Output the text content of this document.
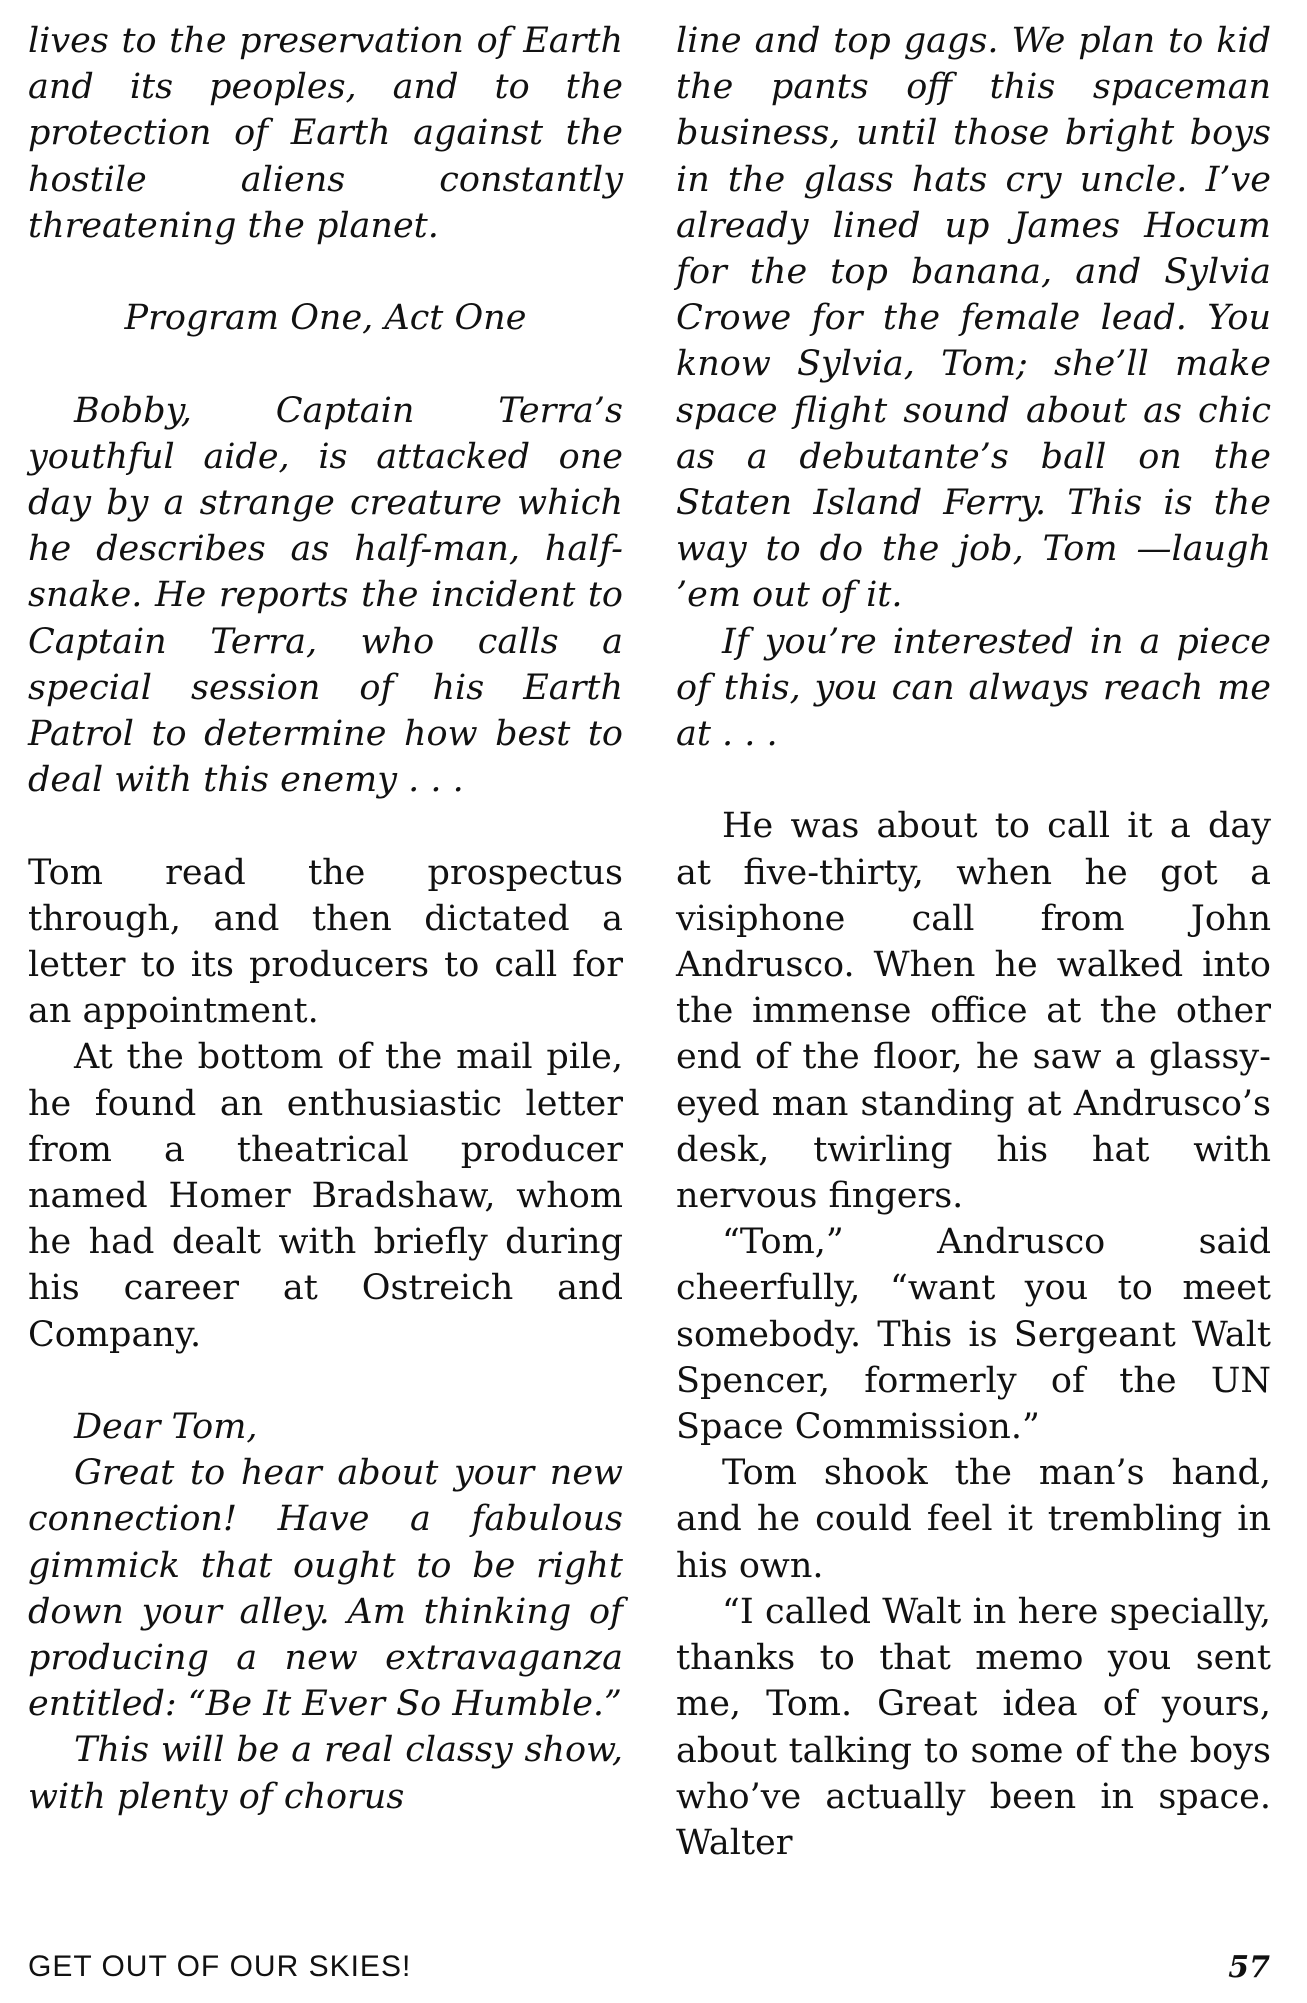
lives to the preservation of Earth and its peoples, and to the protection of Earth against the hostile aliens constantly threatening the planet.

Program One, Act One

Bobby, Captain Terra’s youthful aide, is attacked one day by a strange creature which he describes as half-man, half-snake. He reports the incident to Captain Terra, who calls a special session of his Earth Patrol to determine how best to deal with this enemy . . .

Tom read the prospectus through, and then dictated a letter to its producers to call for an appointment.

At the bottom of the mail pile, he found an enthusiastic letter from a theatrical producer named Homer Bradshaw, whom he had dealt with briefly during his career at Ostreich and Company.

Dear Tom,

Great to hear about your new connection! Have a fabulous gimmick that ought to be right down your alley. Am thinking of producing a new extravaganza entitled: “Be It Ever So Humble.”

This will be a real classy show, with plenty of chorus

line and top gags. We plan to kid the pants off this spaceman business, until those bright boys in the glass hats cry uncle. I’ve already lined up James Hocum for the top banana, and Sylvia Crowe for the female lead. You know Sylvia, Tom; she’ll make space flight sound about as chic as a debutante’s ball on the Staten Island Ferry. This is the way to do the job, Tom —laugh ’em out of it.

If you’re interested in a piece of this, you can always reach me at . . .

He was about to call it a day at five-thirty, when he got a visiphone call from John Andrusco. When he walked into the immense office at the other end of the floor, he saw a glassy-eyed man standing at Andrusco’s desk, twirling his hat with nervous fingers.

“Tom,” Andrusco said cheerfully, “want you to meet somebody. This is Sergeant Walt Spencer, formerly of the UN Space Commission.”

Tom shook the man’s hand, and he could feel it trembling in his own.

“I called Walt in here specially, thanks to that memo you sent me, Tom. Great idea of yours, about talking to some of the boys who’ve actually been in space. Walter

GET OUT OF OUR SKIES!	57
